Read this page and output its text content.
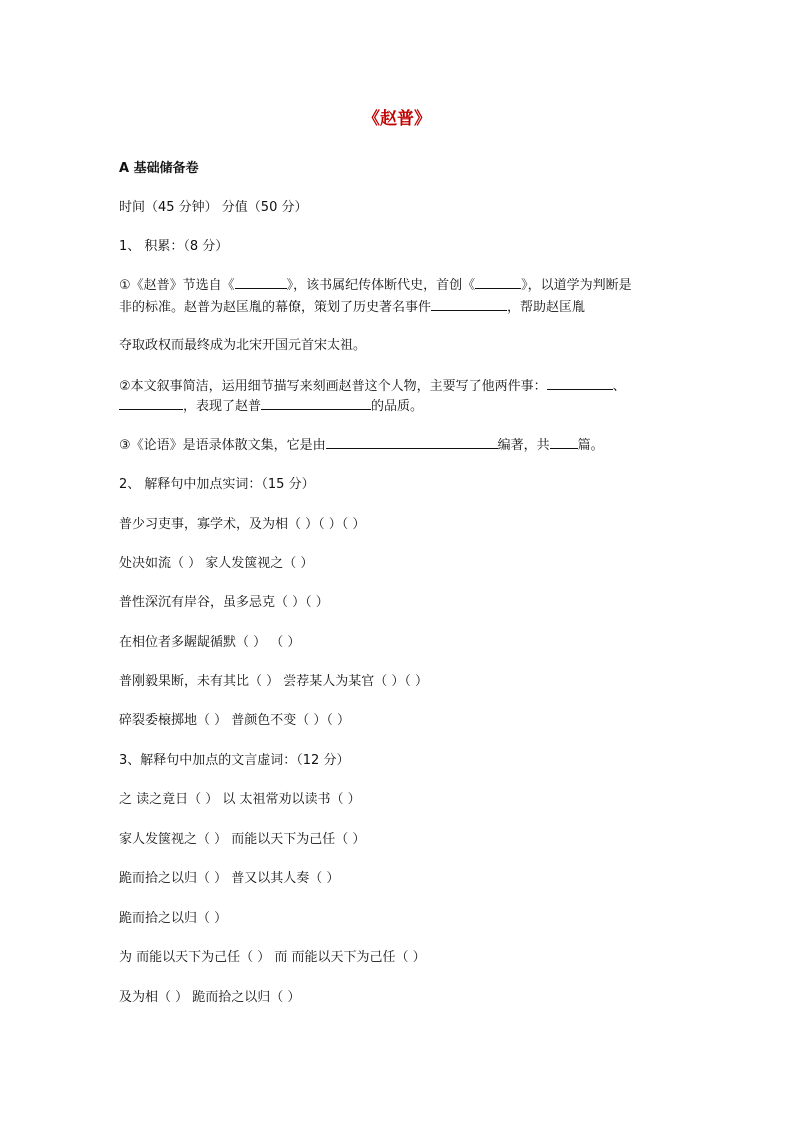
《赵普》
A 基础储备卷
时间（45 分钟） 分值（50 分）
1、 积累：（8 分）
①《赵普》节选自《	》，该书属纪传体断代史，首创《	》，以道学为判断是
非的标准。赵普为赵匡胤的幕僚，策划了历史著名事件	，帮助赵匡胤
夺取政权而最终成为北宋开国元首宋太祖。
②本文叙事简洁，运用细节描写来刻画赵普这个人物，主要写了他两件事：	、
，表现了赵普	的品质。
③《论语》是语录体散文集，它是由	编著，共 篇。
2、 解释句中加点实词：（15 分）
普少习吏事，寡学术，及为相（ ）（ ）（ ）
处决如流（ ） 家人发箧视之（ ）
普性深沉有岸谷，虽多忌克（ ）（ ）
在相位者多龌龊循默（ ） （ ）
普刚毅果断，未有其比（ ） 尝荐某人为某官（ ）（ ）
碎裂委榱掷地（ ） 普颜色不变（ ）（ ）
3、解释句中加点的文言虚词：（12 分）
之 读之竟日（ ） 以 太祖常劝以读书（ ）
家人发箧视之（ ） 而能以天下为己任（ ）
跪而拾之以归（ ） 普又以其人奏（ ）
跪而拾之以归（ ）
为 而能以天下为己任（ ） 而 而能以天下为己任（ ）
及为相（ ） 跪而拾之以归（ ）
